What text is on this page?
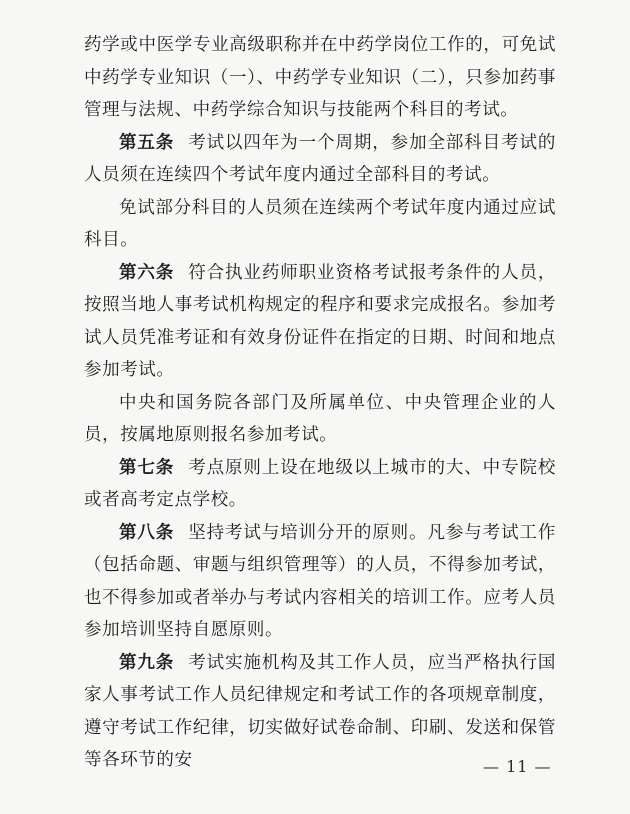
药学或中医学专业高级职称并在中药学岗位工作的，可免试中药学专业知识（一）、中药学专业知识（二），只参加药事管理与法规、中药学综合知识与技能两个科目的考试。

第五条 考试以四年为一个周期，参加全部科目考试的人员须在连续四个考试年度内通过全部科目的考试。

免试部分科目的人员须在连续两个考试年度内通过应试科目。

第六条 符合执业药师职业资格考试报考条件的人员，按照当地人事考试机构规定的程序和要求完成报名。参加考试人员凭准考证和有效身份证件在指定的日期、时间和地点参加考试。

中央和国务院各部门及所属单位、中央管理企业的人员，按属地原则报名参加考试。

第七条 考点原则上设在地级以上城市的大、中专院校或者高考定点学校。

第八条 坚持考试与培训分开的原则。凡参与考试工作（包括命题、审题与组织管理等）的人员，不得参加考试，也不得参加或者举办与考试内容相关的培训工作。应考人员参加培训坚持自愿原则。

第九条 考试实施机构及其工作人员，应当严格执行国家人事考试工作人员纪律规定和考试工作的各项规章制度，遵守考试工作纪律，切实做好试卷命制、印刷、发送和保管等各环节的安	— 11 —
